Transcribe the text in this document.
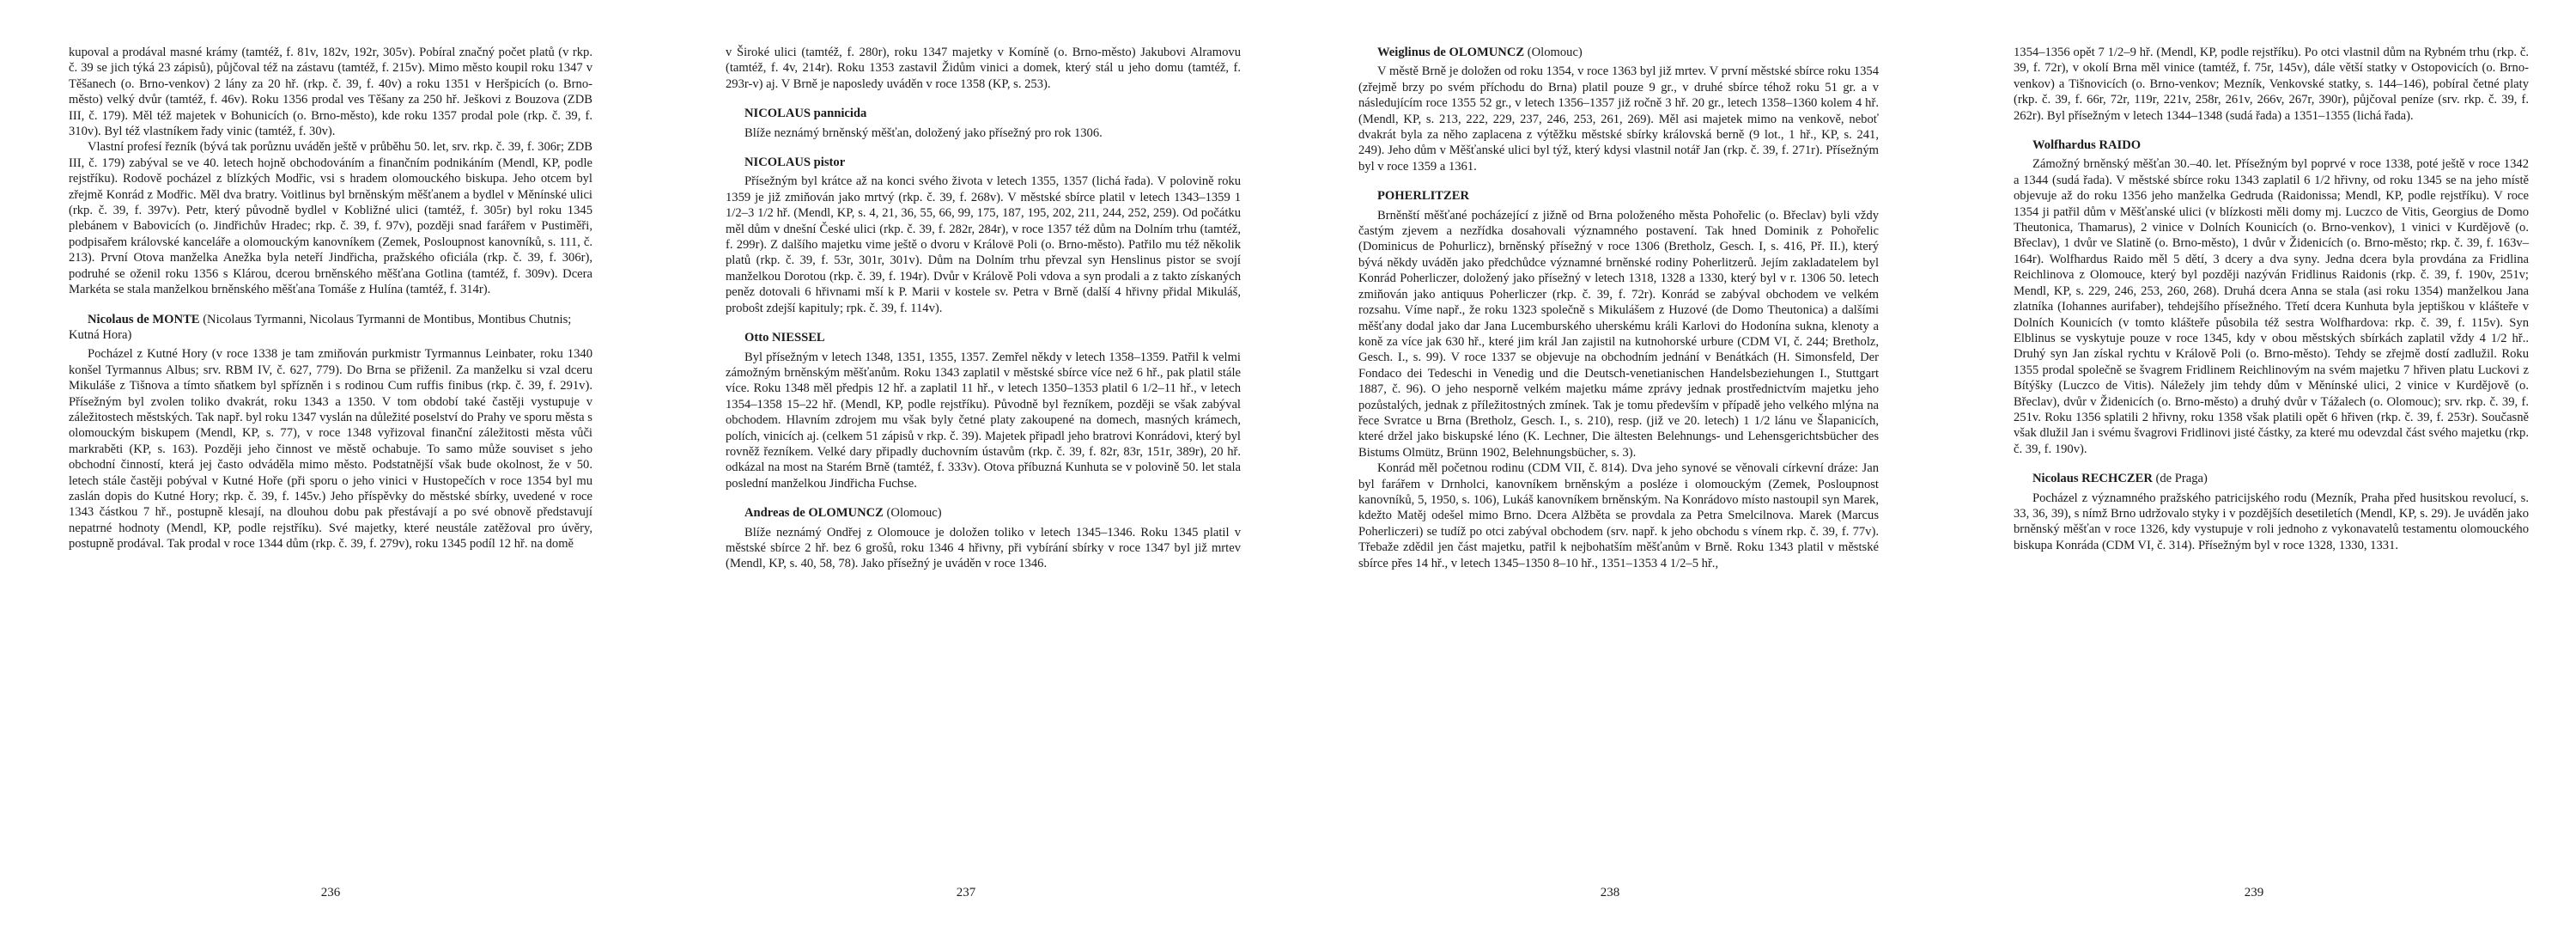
kupoval a prodával masné krámy (tamtéž, f. 81v, 182v, 192r, 305v). Pobíral značný počet platů (v rkp. č. 39 se jich týká 23 zápisů), půjčoval též na zástavu (tamtéž, f. 215v). Mimo město koupil roku 1347 v Těšanech (o. Brno-venkov) 2 lány za 20 hř. (rkp. č. 39, f. 40v) a roku 1351 v Heršpicích (o. Brno-město) velký dvůr (tamtéž, f. 46v). Roku 1356 prodal ves Těšany za 250 hř. Ješkovi z Bouzova (ZDB III, č. 179). Měl též majetek v Bohunicích (o. Brno-město), kde roku 1357 prodal pole (rkp. č. 39, f. 310v). Byl též vlastníkem řady vinic (tamtéž, f. 30v).

Vlastní profesí řezník (bývá tak porůznu uváděn ještě v průběhu 50. let, srv. rkp. č. 39, f. 306r; ZDB III, č. 179) zabýval se ve 40. letech hojně obchodováním a finančním podnikáním (Mendl, KP, podle rejstříku). Rodově pocházel z blízkých Modřic, vsi s hradem olomouckého biskupa. Jeho otcem byl zřejmě Konrád z Modřic. Měl dva bratry. Voitlinus byl brněnským měšťanem a bydlel v Měnínské ulici (rkp. č. 39, f. 397v). Petr, který původně bydlel v Kobližné ulici (tamtéž, f. 305r) byl roku 1345 plebánem v Babovicích (o. Jindřichův Hradec; rkp. č. 39, f. 97v), později snad farářem v Pustiměři, podpisařem královské kanceláře a olomouckým kanovníkem (Zemek, Posloupnost kanovníků, s. 111, č. 213). První Otova manželka Anežka byla neteří Jindřicha, pražského oficiála (rkp. č. 39, f. 306r), podruhé se oženil roku 1356 s Klárou, dcerou brněnského měšťana Gotlina (tamtéž, f. 309v). Dcera Markéta se stala manželkou brněnského měšťana Tomáše z Hulína (tamtéž, f. 314r).

Nicolaus de MONTE (Nicolaus Tyrmanni, Nicolaus Tyrmanni de Montibus, Montibus Chutnis; Kutná Hora)

Pocházel z Kutné Hory (v roce 1338 je tam zmiňován purkmistr Tyrmannus Leinbater, roku 1340 konšel Tyrmannus Albus; srv. RBM IV, č. 627, 779). Do Brna se přiženil. Za manželku si vzal dceru Mikuláše z Tišnova a tímto sňatkem byl spřízněn i s rodinou Cum ruffis finibus (rkp. č. 39, f. 291v). Přísežným byl zvolen toliko dvakrát, roku 1343 a 1350. V tom období také častěji vystupuje v záležitostech městských. Tak např. byl roku 1347 vyslán na důležité poselství do Prahy ve sporu města s olomouckým biskupem (Mendl, KP, s. 77), v roce 1348 vyřizoval finanční záležitosti města vůči markraběti (KP, s. 163). Později jeho činnost ve městě ochabuje. To samo může souviset s jeho obchodní činností, která jej často odváděla mimo město. Podstatnější však bude okolnost, že v 50. letech stále častěji pobýval v Kutné Hoře (při sporu o jeho vinici v Hustopečích v roce 1354 byl mu zaslán dopis do Kutné Hory; rkp. č. 39, f. 145v.) Jeho příspěvky do městské sbírky, uvedené v roce 1343 částkou 7 hř., postupně klesají, na dlouhou dobu pak přestávají a po své obnově představují nepatrné hodnoty (Mendl, KP, podle rejstříku). Své majetky, které neustále zatěžoval pro úvěry, postupně prodával. Tak prodal v roce 1344 dům (rkp. č. 39, f. 279v), roku 1345 podíl 12 hř. na domě

236

v Široké ulici (tamtéž, f. 280r), roku 1347 majetky v Komíně (o. Brno-město) Jakubovi Alramovu (tamtéž, f. 4v, 214r). Roku 1353 zastavil Židům vinici a domek, který stál u jeho domu (tamtéž, f. 293r-v) aj. V Brně je naposledy uváděn v roce 1358 (KP, s. 253).

NICOLAUS pannicida

Blíže neznámý brněnský měšťan, doložený jako přísežný pro rok 1306.

NICOLAUS pistor

Přísežným byl krátce až na konci svého života v letech 1355, 1357 (lichá řada). V polovině roku 1359 je již zmiňován jako mrtvý (rkp. č. 39, f. 268v). V městské sbírce platil v letech 1343–1359 1 1/2–3 1/2 hř. (Mendl, KP, s. 4, 21, 36, 55, 66, 99, 175, 187, 195, 202, 211, 244, 252, 259). Od počátku měl dům v dnešní České ulici (rkp. č. 39, f. 282r, 284r), v roce 1357 též dům na Dolním trhu (tamtéž, f. 299r). Z dalšího majetku vime ještě o dvoru v Královë Poli (o. Brno-město). Patřilo mu též několik platů (rkp. č. 39, f. 53r, 301r, 301v). Dům na Dolním trhu převzal syn Henslinus pistor se svojí manželkou Dorotou (rkp. č. 39, f. 194r). Dvůr v Králově Poli vdova a syn prodali a z takto získaných peněz dotovali 6 hřivnami mší k P. Marii v kostele sv. Petra v Brně (další 4 hřivny přidal Mikuláš, proboŝt zdejší kapituly; rpk. č. 39, f. 114v).

Otto NIESSEL

Byl přísežným v letech 1348, 1351, 1355, 1357. Zemřel někdy v letech 1358–1359. Patřil k velmi zámožným brněnským měšťanům. Roku 1343 zaplatil v městské sbírce více než 6 hř., pak platil stále více. Roku 1348 měl předpis 12 hř. a zaplatil 11 hř., v letech 1350–1353 platil 6 1/2–11 hř., v letech 1354–1358 15–22 hř. (Mendl, KP, podle rejstříku). Původně byl řezníkem, později se však zabýval obchodem. Hlavním zdrojem mu však byly četné platy zakoupené na domech, masných krámech, polích, vinicích aj. (celkem 51 zápisů v rkp. č. 39). Majetek připadl jeho bratrovi Konrádovi, který byl rovněž řezníkem. Velké dary připadly duchovním ústavům (rkp. č. 39, f. 82r, 83r, 151r, 389r), 20 hř. odkázal na most na Starém Brně (tamtéž, f. 333v). Otova příbuzná Kunhuta se v polovině 50. let stala poslední manželkou Jindřicha Fuchse.

Andreas de OLOMUNCZ (Olomouc)

Blíže neznámý Ondřej z Olomouce je doložen toliko v letech 1345–1346. Roku 1345 platil v městské sbírce 2 hř. bez 6 grošů, roku 1346 4 hřivny, při vybírání sbírky v roce 1347 byl již mrtev (Mendl, KP, s. 40, 58, 78). Jako přísežný je uváděn v roce 1346.

237
Weiglinus de OLOMUNCZ (Olomouc)

V městě Brně je doložen od roku 1354, v roce 1363 byl již mrtev. V první městské sbírce roku 1354 (zřejmě brzy po svém příchodu do Brna) platil pouze 9 gr., v druhé sbírce téhož roku 51 gr. a v následujícím roce 1355 52 gr., v letech 1356–1357 již ročně 3 hř. 20 gr., letech 1358–1360 kolem 4 hř. (Mendl, KP, s. 213, 222, 229, 237, 246, 253, 261, 269). Měl asi majetek mimo na venkově, neboť dvakrát byla za něho zaplacena z výtěžku městské sbírky královská berně (9 lot., 1 hř., KP, s. 241, 249). Jeho dům v Měšťanské ulici byl týž, který kdysi vlastnil notář Jan (rkp. č. 39, f. 271r). Přísežným byl v roce 1359 a 1361.

POHERLITZER

Brněnští měšťané pocházející z jižně od Brna položeného města Pohořelic (o. Břeclav) byli vždy častým zjevem a nezřídka dosahovali významného postavení. Tak hned Dominik z Pohořelic (Dominicus de Pohurlicz), brněnský přísežný v roce 1306 (Bretholz, Gesch. I, s. 416, Př. II.), který bývá někdy uváděn jako předchůdce významné brněnské rodiny Poherlitzerů. Jejím zakladatelem byl Konrád Poherliczer, doložený jako přísežný v letech 1318, 1328 a 1330, který byl v r. 1306 50. letech zmiňován jako antiquus Poherliczer (rkp. č. 39, f. 72r). Konrád se zabýval obchodem ve velkém rozsahu. Víme např., že roku 1323 společně s Mikulášem z Huzové (de Domo Theutonica) a dalšími měšťany dodal jako dar Jana Lucemburského uherskému králi Karlovi do Hodonína sukna, klenoty a koně za více jak 630 hř., které jim král Jan zajistil na kutnohorské urbure (CDM VI, č. 244; Bretholz, Gesch. I., s. 99). V roce 1337 se objevuje na obchodním jednání v Benátkách (H. Simonsfeld, Der Fondaco dei Tedeschi in Venedig und die Deutsch-venetianischen Handelsbeziehungen I., Stuttgart 1887, č. 96). O jeho nesporně velkém majetku máme zprávy jednak prostřednictvím majetku jeho pozůstalých, jednak z příležitostných zmínek. Tak je tomu především v případě jeho velkého mlýna na řece Svratce u Brna (Bretholz, Gesch. I., s. 210), resp. (již ve 20. letech) 1 1/2 lánu ve Šlapanicích, které držel jako biskupské léno (K. Lechner, Die ältesten Belehnungs- und Lehensgerichtsbücher des Bistums Olmütz, Brünn 1902, Belehnungsbücher, s. 3).

Konrád měl početnou rodinu (CDM VII, č. 814). Dva jeho synové se věnovali církevní dráze: Jan byl farářem v Drnholci, kanovníkem brněnským a posléze i olomouckým (Zemek, Posloupnost kanovníků, 5, 1950, s. 106), Lukáš kanovníkem brněnským. Na Konrádovo místo nastoupil syn Marek, kdežto Matěj odešel mimo Brno. Dcera Alžběta se provdala za Petra Smelcilnova. Marek (Marcus Poherliczeri) se tudíž po otci zabýval obchodem (srv. např. k jeho obchodu s vínem rkp. č. 39, f. 77v). Třebaže zdědil jen část majetku, patřil k nejbohatším měšťanům v Brně. Roku 1343 platil v městské sbírce přes 14 hř., v letech 1345–1350 8–10 hř., 1351–1353 4 1/2–5 hř.,

238

1354–1356 opět 7 1/2–9 hř. (Mendl, KP, podle rejstříku). Po otci vlastnil dům na Rybném trhu (rkp. č. 39, f. 72r), v okolí Brna měl vinice (tamtéž, f. 75r, 145v), dále větší statky v Ostopovicích (o. Brno-venkov) a Tišnovicích (o. Brno-venkov; Mezník, Venkovské statky, s. 144–146), pobíral četné platy (rkp. č. 39, f. 66r, 72r, 119r, 221v, 258r, 261v, 266v, 267r, 390r), půjčoval peníze (srv. rkp. č. 39, f. 262r). Byl přísežným v letech 1344–1348 (sudá řada) a 1351–1355 (lichá řada).

Wolfhardus RAIDO

Zámožný brněnský měšťan 30.–40. let. Přísežným byl poprvé v roce 1338, poté ještě v roce 1342 a 1344 (sudá řada). V městské sbírce roku 1343 zaplatil 6 1/2 hřivny, od roku 1345 se na jeho místě objevuje až do roku 1356 jeho manželka Gedruda (Raidonissa; Mendl, KP, podle rejstříku). V roce 1354 ji patřil dům v Měšťanské ulici (v blízkosti měli domy mj. Luczco de Vitis, Georgius de Domo Theutonica, Thamarus), 2 vinice v Dolních Kounicích (o. Brno-venkov), 1 vinici v Kurdějově (o. Břeclav), 1 dvůr ve Slatině (o. Brno-město), 1 dvůr v Židenicích (o. Brno-město; rkp. č. 39, f. 163v–164r). Wolfhardus Raido měl 5 dětí, 3 dcery a dva syny. Jedna dcera byla provdána za Fridlina Reichlinova z Olomouce, který byl později nazýván Fridlinus Raidonis (rkp. č. 39, f. 190v, 251v; Mendl, KP, s. 229, 246, 253, 260, 268). Druhá dcera Anna se stala (asi roku 1354) manželkou Jana zlatníka (Iohannes aurifaber), tehdejšího přísežného. Třetí dcera Kunhuta byla jeptiškou v klášteře v Dolních Kounicích (v tomto klášteře působila též sestra Wolfhardova: rkp. č. 39, f. 115v). Syn Elblinus se vyskytuje pouze v roce 1345, kdy v obou městských sbírkách zaplatil vždy 4 1/2 hř.. Druhý syn Jan získal rychtu v Králově Poli (o. Brno-město). Tehdy se zřejmě dostí zadlužil. Roku 1355 prodal společně se švagrem Fridlinem Reichlinovým na svém majetku 7 hřiven platu Luckovi z Bítýšky (Luczco de Vitis). Náležely jim tehdy dům v Měnínské ulici, 2 vinice v Kurdějově (o. Břeclav), dvůr v Židenicích (o. Brno-město) a druhý dvůr v Tážalech (o. Olomouc); srv. rkp. č. 39, f. 251v. Roku 1356 splatili 2 hřivny, roku 1358 však platili opět 6 hřiven (rkp. č. 39, f. 253r). Současně však dlužil Jan i svému švagrovi Fridlinovi jisté částky, za které mu odevzdal část svého majetku (rkp. č. 39, f. 190v).

Nicolaus RECHCZER (de Praga)

Pocházel z významného pražského patricijského rodu (Mezník, Praha před husitskou revolucí, s. 33, 36, 39), s nímž Brno udržovalo styky i v pozdějších desetiletích (Mendl, KP, s. 29). Je uváděn jako brněnský měšťan v roce 1326, kdy vystupuje v roli jednoho z vykonavatelů testamentu olomouckého biskupa Konráda (CDM VI, č. 314). Přísežným byl v roce 1328, 1330, 1331.

239
